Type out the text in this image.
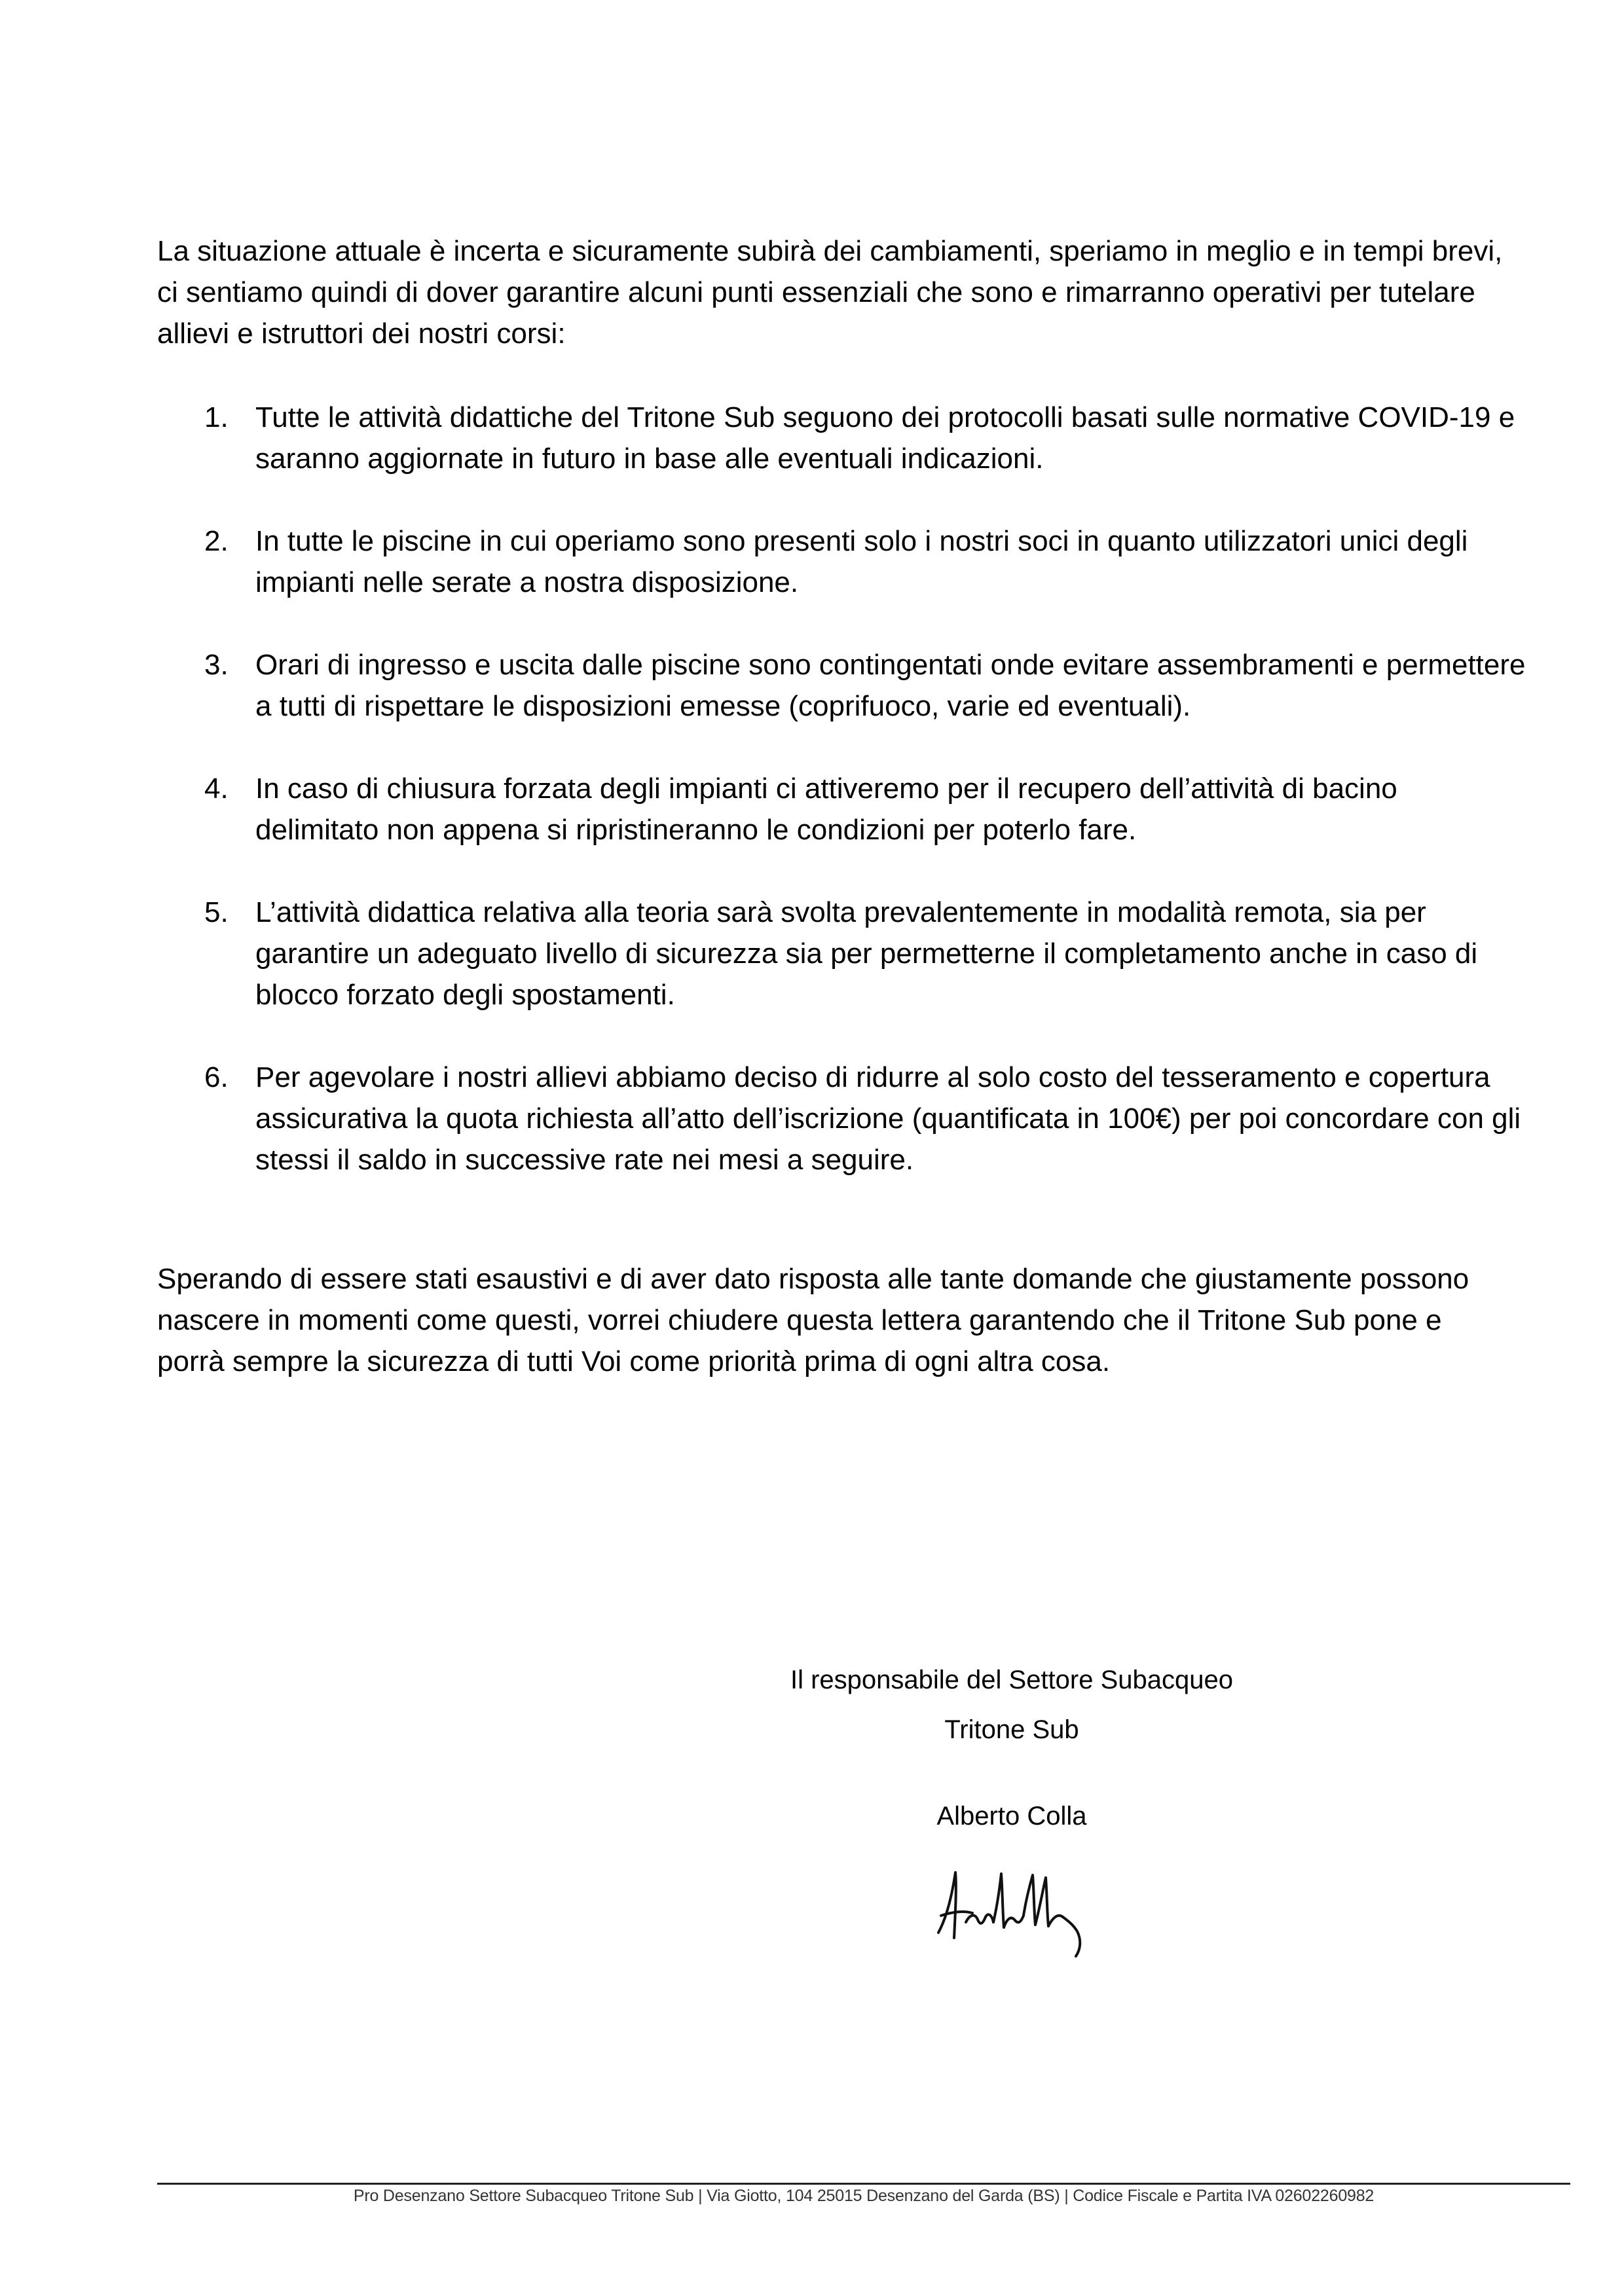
La situazione attuale è incerta e sicuramente subirà dei cambiamenti, speriamo in meglio e in tempi brevi, ci sentiamo quindi di dover garantire alcuni punti essenziali che sono e rimarranno operativi per tutelare allievi e istruttori dei nostri corsi:

1. Tutte le attività didattiche del Tritone Sub seguono dei protocolli basati sulle normative COVID-19 e saranno aggiornate in futuro in base alle eventuali indicazioni.
2. In tutte le piscine in cui operiamo sono presenti solo i nostri soci in quanto utilizzatori unici degli impianti nelle serate a nostra disposizione.
3. Orari di ingresso e uscita dalle piscine sono contingentati onde evitare assembramenti e permettere a tutti di rispettare le disposizioni emesse (coprifuoco, varie ed eventuali).
4. In caso di chiusura forzata degli impianti ci attiveremo per il recupero dell’attività di bacino delimitato non appena si ripristineranno le condizioni per poterlo fare.
5. L’attività didattica relativa alla teoria sarà svolta prevalentemente in modalità remota, sia per garantire un adeguato livello di sicurezza sia per permetterne il completamento anche in caso di blocco forzato degli spostamenti.
6. Per agevolare i nostri allievi abbiamo deciso di ridurre al solo costo del tesseramento e copertura assicurativa la quota richiesta all’atto dell’iscrizione (quantificata in 100€) per poi concordare con gli stessi il saldo in successive rate nei mesi a seguire.

Sperando di essere stati esaustivi e di aver dato risposta alle tante domande che giustamente possono nascere in momenti come questi, vorrei chiudere questa lettera garantendo che il Tritone Sub pone e porrà sempre la sicurezza di tutti Voi come priorità prima di ogni altra cosa.

Il responsabile del Settore Subacqueo
Tritone Sub
Alberto Colla
Pro Desenzano Settore Subacqueo Tritone Sub | Via Giotto, 104 25015 Desenzano del Garda (BS) | Codice Fiscale e Partita IVA 02602260982
